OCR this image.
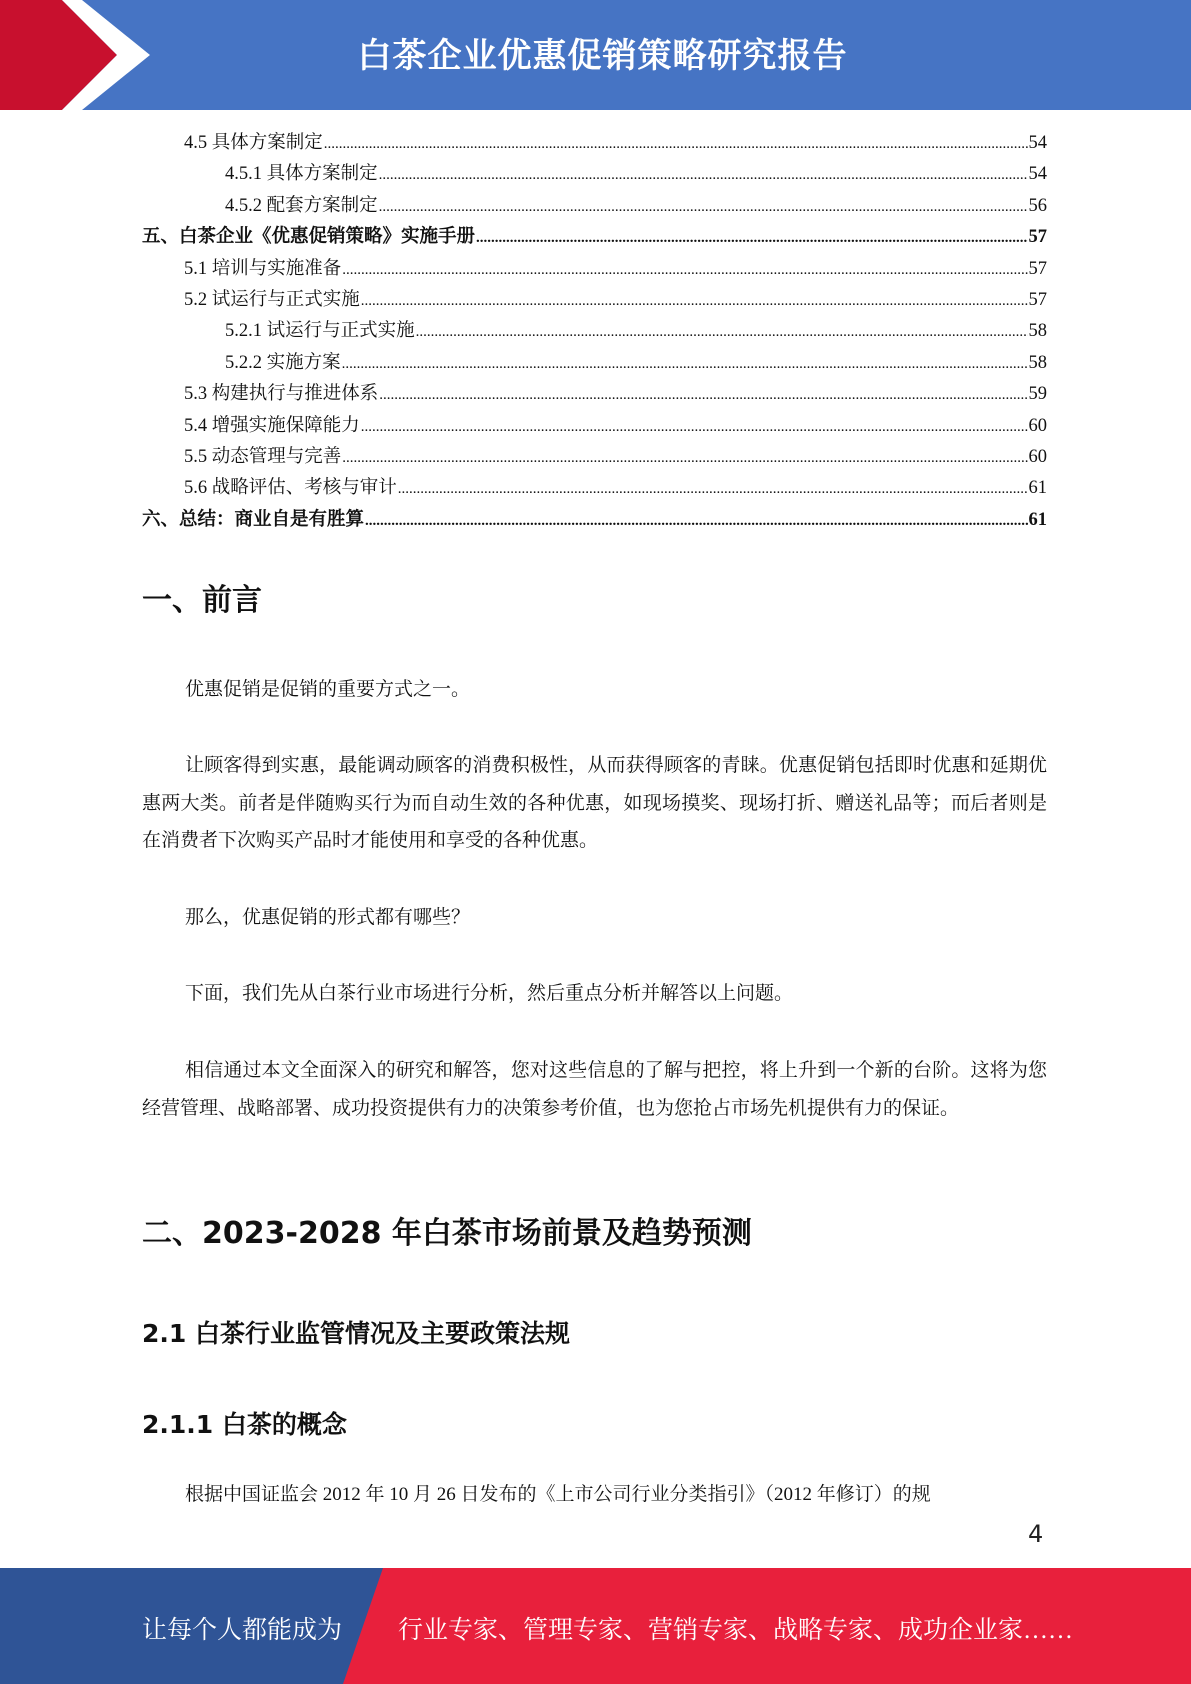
白茶企业优惠促销策略研究报告
4.5 具体方案制定 .....	54
4.5.1 具体方案制定 .....	54
4.5.2 配套方案制定 .....	56
五、白茶企业《优惠促销策略》实施手册 .....	57
5.1 培训与实施准备 .....	57
5.2 试运行与正式实施 .....	57
5.2.1 试运行与正式实施 .....	58
5.2.2 实施方案 .....	58
5.3 构建执行与推进体系 .....	59
5.4 增强实施保障能力 .....	60
5.5 动态管理与完善 .....	60
5.6 战略评估、考核与审计 .....	61
六、总结：商业自是有胜算 .....	61
一、前言
优惠促销是促销的重要方式之一。
让顾客得到实惠，最能调动顾客的消费积极性，从而获得顾客的青睐。优惠促销包括即时优惠和延期优惠两大类。前者是伴随购买行为而自动生效的各种优惠，如现场摸奖、现场打折、赠送礼品等；而后者则是在消费者下次购买产品时才能使用和享受的各种优惠。
那么，优惠促销的形式都有哪些？
下面，我们先从白茶行业市场进行分析，然后重点分析并解答以上问题。
相信通过本文全面深入的研究和解答，您对这些信息的了解与把控，将上升到一个新的台阶。这将为您经营管理、战略部署、成功投资提供有力的决策参考价值，也为您抢占市场先机提供有力的保证。
二、2023-2028 年白茶市场前景及趋势预测
2.1 白茶行业监管情况及主要政策法规
2.1.1 白茶的概念
根据中国证监会 2012 年 10 月 26 日发布的《上市公司行业分类指引》（2012 年修订）的规
4
让每个人都能成为 行业专家、管理专家、营销专家、战略专家、成功企业家……
